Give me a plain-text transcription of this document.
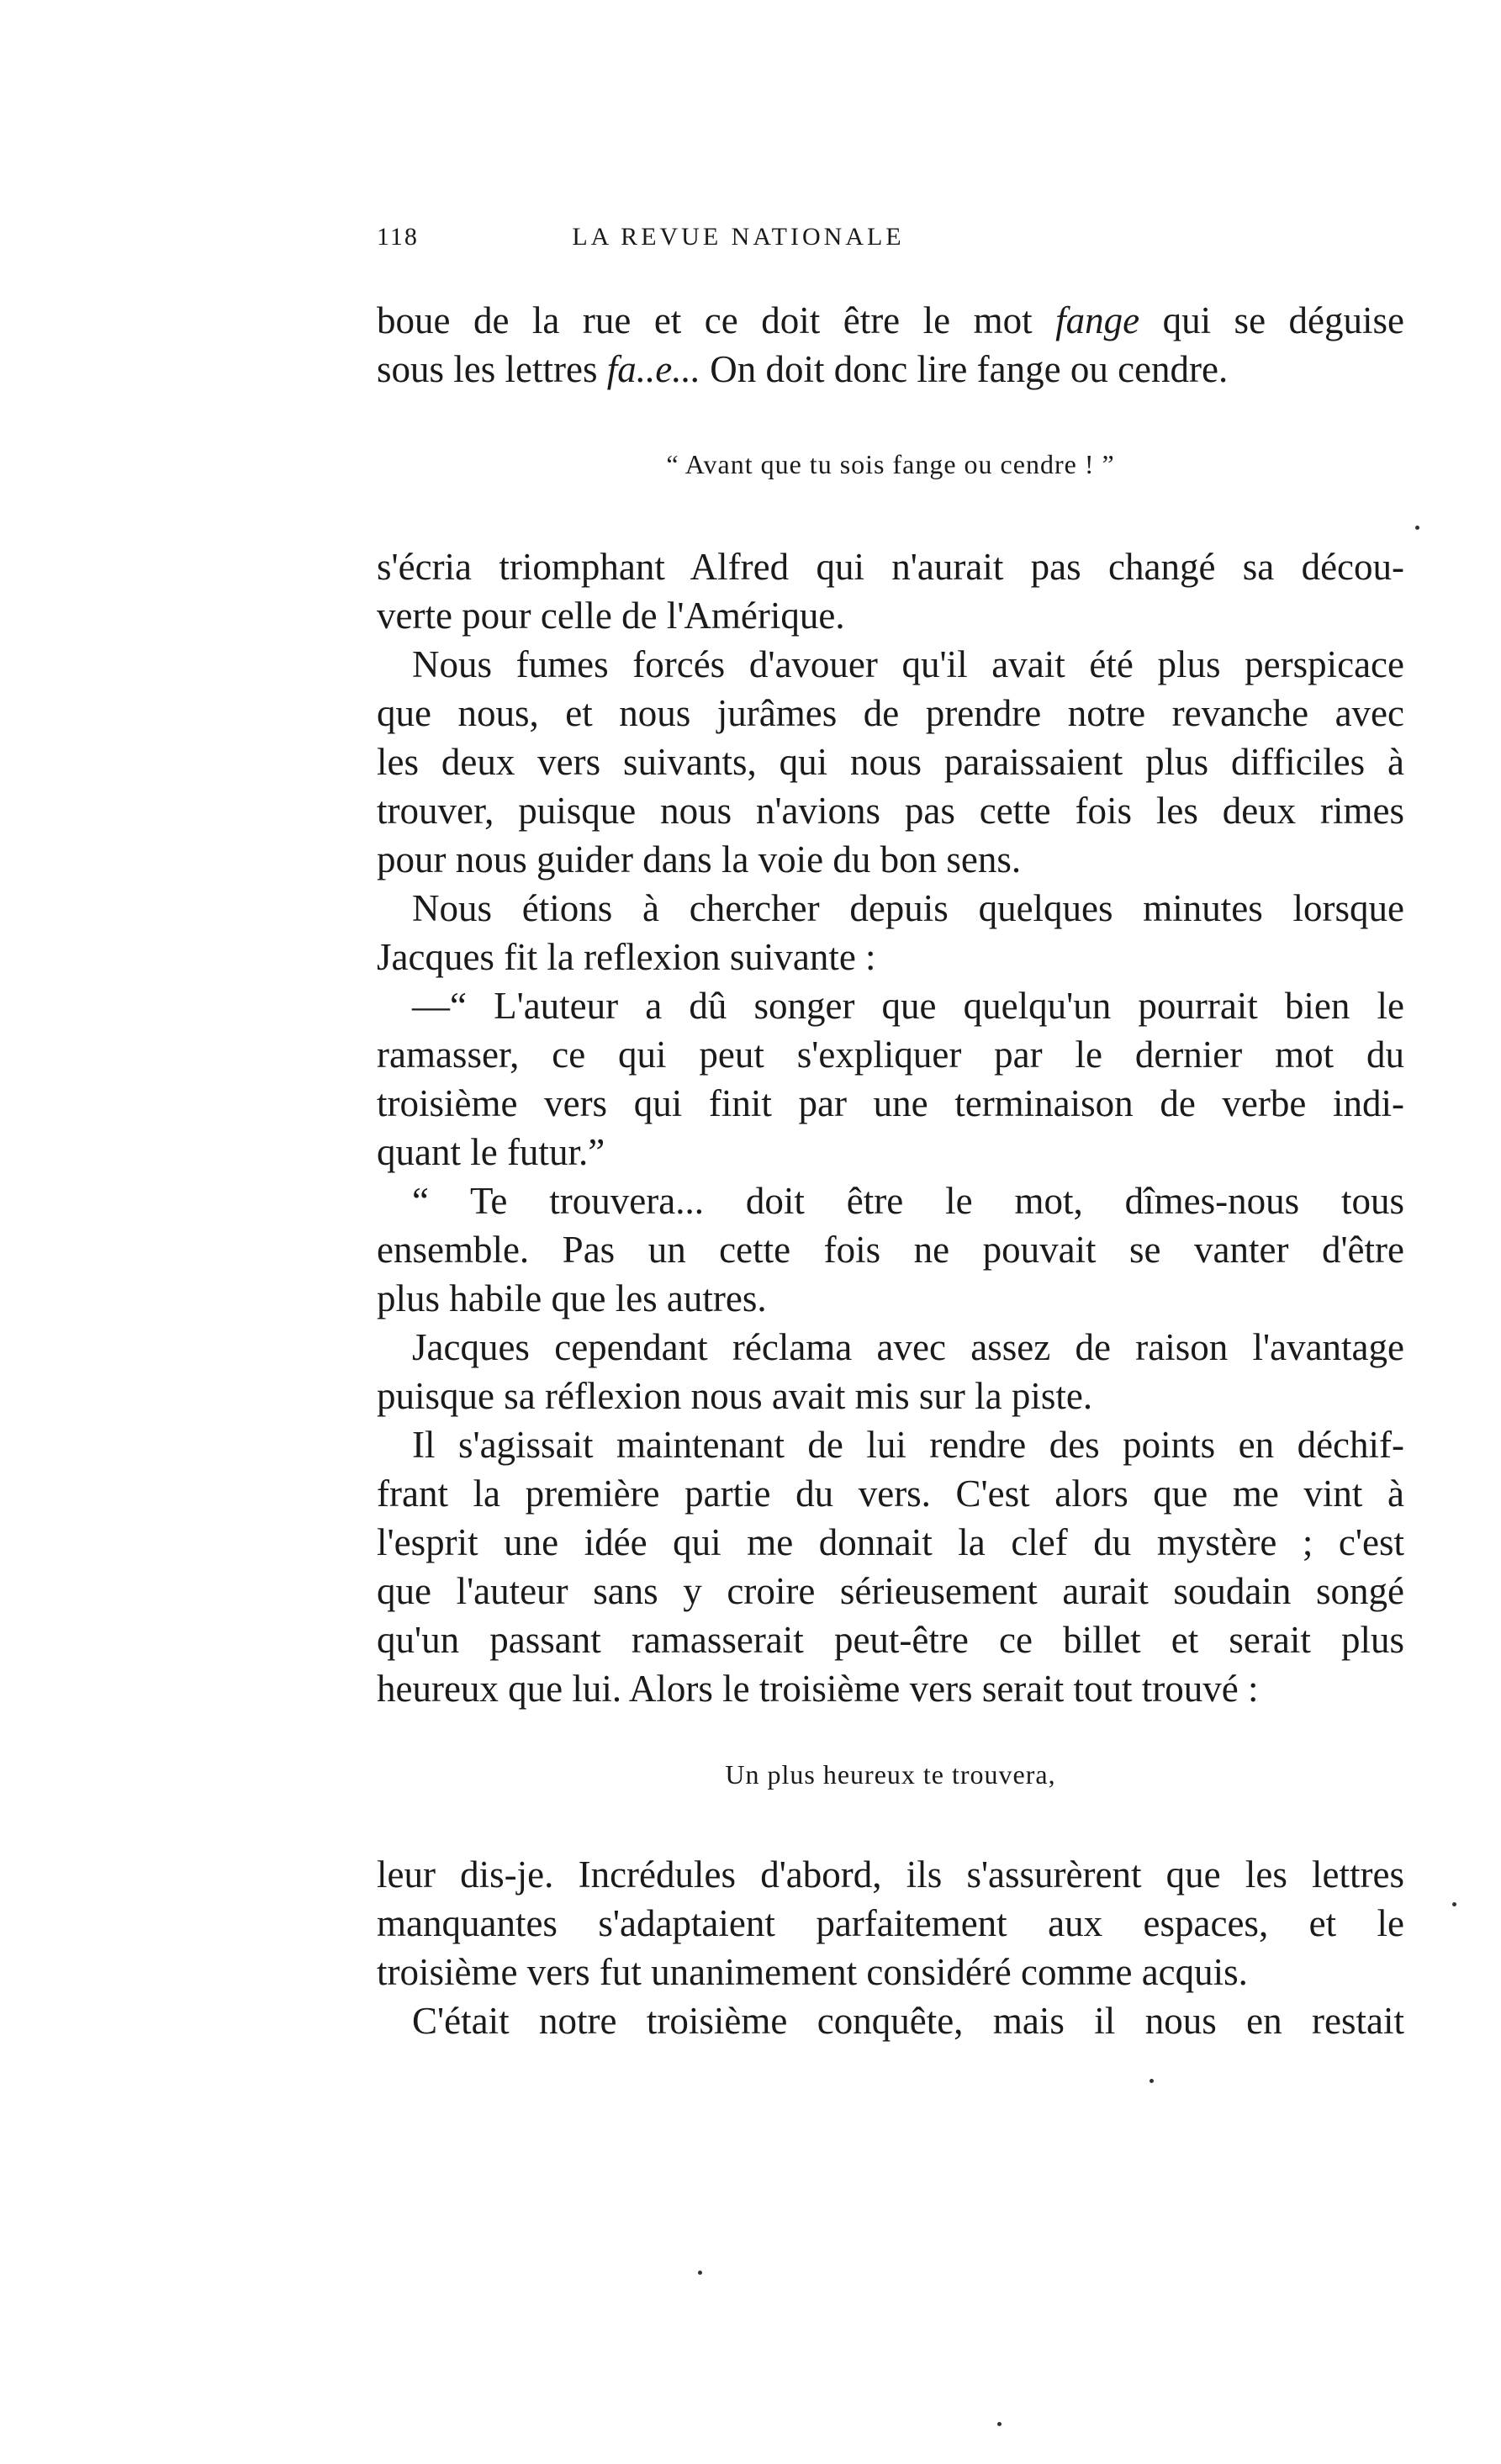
118	LA REVUE NATIONALE
boue de la rue et ce doit être le mot fange qui se déguise
sous les lettres fa..e... On doit donc lire fange ou cendre.
“ Avant que tu sois fange ou cendre ! ”
s'écria triomphant Alfred qui n'aurait pas changé sa décou-
verte pour celle de l'Amérique.
Nous fumes forcés d'avouer qu'il avait été plus perspicace
que nous, et nous jurâmes de prendre notre revanche avec
les deux vers suivants, qui nous paraissaient plus difficiles à
trouver, puisque nous n'avions pas cette fois les deux rimes
pour nous guider dans la voie du bon sens.
Nous étions à chercher depuis quelques minutes lorsque
Jacques fit la reflexion suivante :
—“ L'auteur a dû songer que quelqu'un pourrait bien le
ramasser, ce qui peut s'expliquer par le dernier mot du
troisième vers qui finit par une terminaison de verbe indi-
quant le futur.”
“ Te trouvera... doit être le mot, dîmes-nous tous
ensemble. Pas un cette fois ne pouvait se vanter d'être
plus habile que les autres.
Jacques cependant réclama avec assez de raison l'avantage
puisque sa réflexion nous avait mis sur la piste.
Il s'agissait maintenant de lui rendre des points en déchif-
frant la première partie du vers. C'est alors que me vint à
l'esprit une idée qui me donnait la clef du mystère ; c'est
que l'auteur sans y croire sérieusement aurait soudain songé
qu'un passant ramasserait peut-être ce billet et serait plus
heureux que lui. Alors le troisième vers serait tout trouvé :
Un plus heureux te trouvera,
leur dis-je. Incrédules d'abord, ils s'assurèrent que les lettres
manquantes s'adaptaient parfaitement aux espaces, et le
troisième vers fut unanimement considéré comme acquis.
C'était notre troisième conquête, mais il nous en restait
